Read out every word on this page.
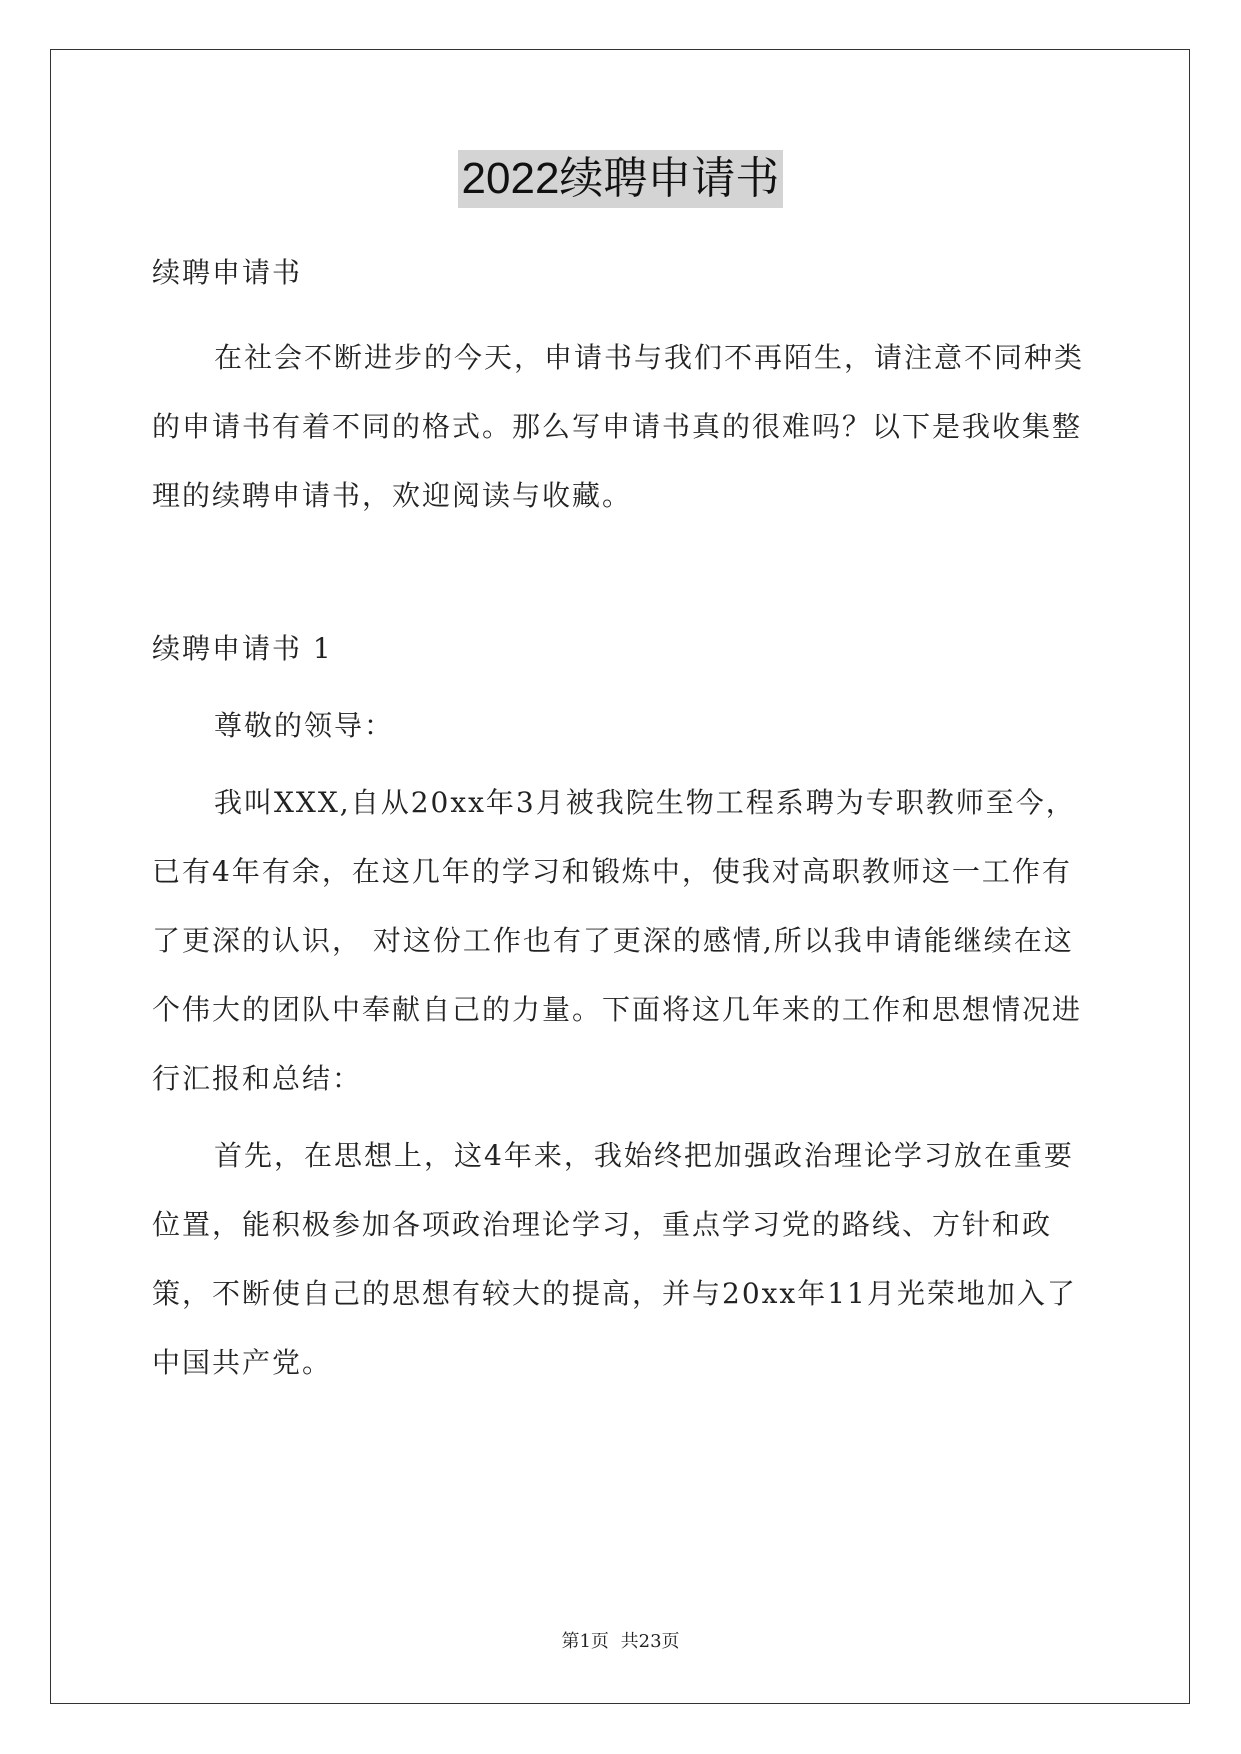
2022续聘申请书

续聘申请书

在社会不断进步的今天，申请书与我们不再陌生，请注意不同种类的申请书有着不同的格式。那么写申请书真的很难吗？以下是我收集整理的续聘申请书，欢迎阅读与收藏。

续聘申请书 1

尊敬的领导：

我叫XXX,自从20xx年3月被我院生物工程系聘为专职教师至今，已有4年有余，在这几年的学习和锻炼中，使我对高职教师这一工作有了更深的认识， 对这份工作也有了更深的感情,所以我申请能继续在这个伟大的团队中奉献自己的力量。下面将这几年来的工作和思想情况进行汇报和总结：

首先，在思想上，这4年来，我始终把加强政治理论学习放在重要位置，能积极参加各项政治理论学习，重点学习党的路线、方针和政策，不断使自己的思想有较大的提高，并与20xx年11月光荣地加入了中国共产党。

第1页 共23页
